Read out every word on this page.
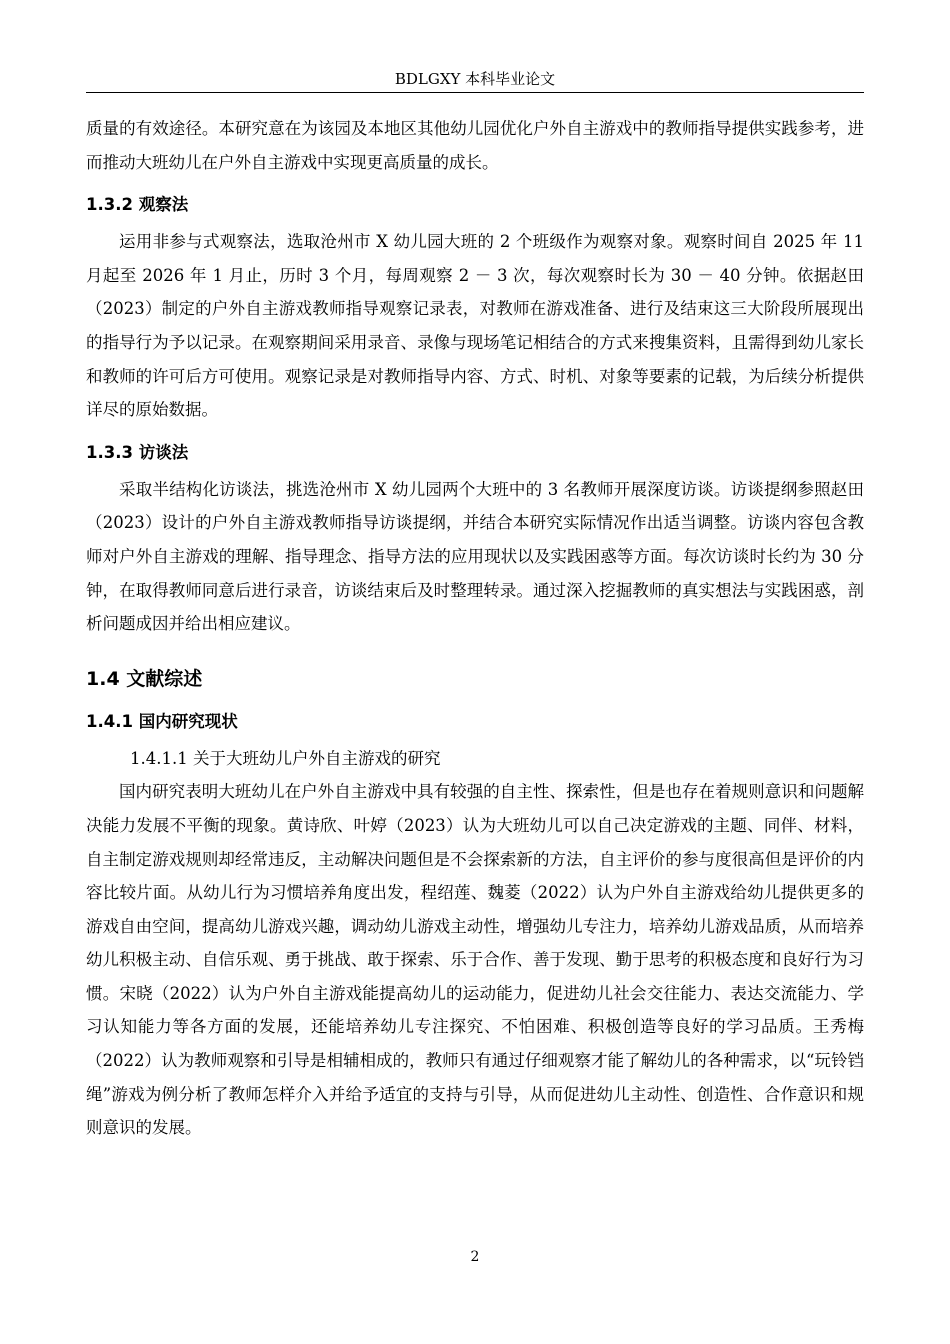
BDLGXY 本科毕业论文

质量的有效途径。本研究意在为该园及本地区其他幼儿园优化户外自主游戏中的教师指导提供实践参考，进而推动大班幼儿在户外自主游戏中实现更高质量的成长。

1.3.2 观察法

运用非参与式观察法，选取沧州市 X 幼儿园大班的 2 个班级作为观察对象。观察时间自 2025 年 11 月起至 2026 年 1 月止，历时 3 个月，每周观察 2 － 3 次，每次观察时长为 30 － 40 分钟。依据赵田（2023）制定的户外自主游戏教师指导观察记录表，对教师在游戏准备、进行及结束这三大阶段所展现出的指导行为予以记录。在观察期间采用录音、录像与现场笔记相结合的方式来搜集资料，且需得到幼儿家长和教师的许可后方可使用。观察记录是对教师指导内容、方式、时机、对象等要素的记载，为后续分析提供详尽的原始数据。

1.3.3 访谈法

采取半结构化访谈法，挑选沧州市 X 幼儿园两个大班中的 3 名教师开展深度访谈。访谈提纲参照赵田（2023）设计的户外自主游戏教师指导访谈提纲，并结合本研究实际情况作出适当调整。访谈内容包含教师对户外自主游戏的理解、指导理念、指导方法的应用现状以及实践困惑等方面。每次访谈时长约为 30 分钟，在取得教师同意后进行录音，访谈结束后及时整理转录。通过深入挖掘教师的真实想法与实践困惑，剖析问题成因并给出相应建议。

1.4 文献综述
1.4.1 国内研究现状

1.4.1.1 关于大班幼儿户外自主游戏的研究

国内研究表明大班幼儿在户外自主游戏中具有较强的自主性、探索性，但是也存在着规则意识和问题解决能力发展不平衡的现象。黄诗欣、叶婷（2023）认为大班幼儿可以自己决定游戏的主题、同伴、材料，自主制定游戏规则却经常违反，主动解决问题但是不会探索新的方法，自主评价的参与度很高但是评价的内容比较片面。从幼儿行为习惯培养角度出发，程绍莲、魏菱（2022）认为户外自主游戏给幼儿提供更多的游戏自由空间，提高幼儿游戏兴趣，调动幼儿游戏主动性，增强幼儿专注力，培养幼儿游戏品质，从而培养幼儿积极主动、自信乐观、勇于挑战、敢于探索、乐于合作、善于发现、勤于思考的积极态度和良好行为习惯。宋晓（2022）认为户外自主游戏能提高幼儿的运动能力，促进幼儿社会交往能力、表达交流能力、学习认知能力等各方面的发展，还能培养幼儿专注探究、不怕困难、积极创造等良好的学习品质。王秀梅（2022）认为教师观察和引导是相辅相成的，教师只有通过仔细观察才能了解幼儿的各种需求，以“玩铃铛绳”游戏为例分析了教师怎样介入并给予适宜的支持与引导，从而促进幼儿主动性、创造性、合作意识和规则意识的发展。

2
